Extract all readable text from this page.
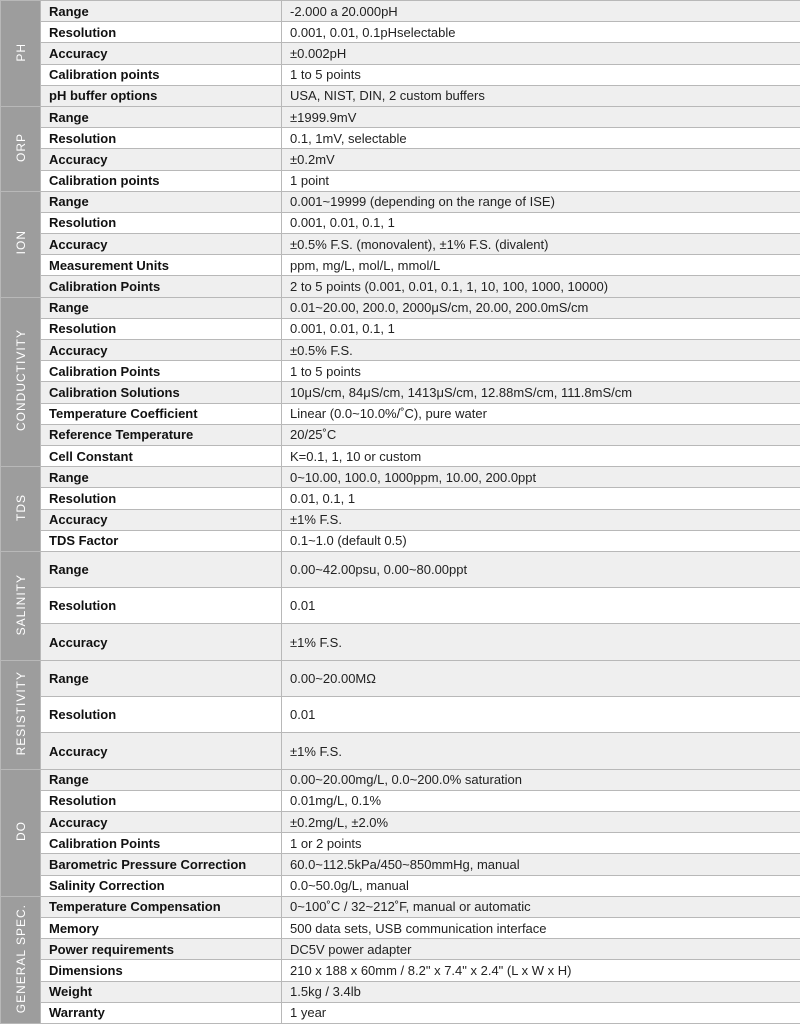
PH	Range	-2.000 a 20.000pH
	Resolution	0.001, 0.01, 0.1pHselectable
	Accuracy	±0.002pH
	Calibration points	1 to 5 points
	pH buffer options	USA, NIST, DIN, 2 custom buffers
ORP	Range	±1999.9mV
	Resolution	0.1, 1mV, selectable
	Accuracy	±0.2mV
	Calibration points	1 point
ION	Range	0.001~19999 (depending on the range of ISE)
	Resolution	0.001, 0.01, 0.1, 1
	Accuracy	±0.5% F.S. (monovalent), ±1% F.S. (divalent)
	Measurement Units	ppm, mg/L, mol/L, mmol/L
	Calibration Points	2 to 5 points (0.001, 0.01, 0.1, 1, 10, 100, 1000, 10000)
CONDUCTIVITY	Range	0.01~20.00, 200.0, 2000μS/cm, 20.00, 200.0mS/cm
	Resolution	0.001, 0.01, 0.1, 1
	Accuracy	±0.5% F.S.
	Calibration Points	1 to 5 points
	Calibration Solutions	10μS/cm, 84μS/cm, 1413μS/cm, 12.88mS/cm, 111.8mS/cm
	Temperature Coefficient	Linear (0.0~10.0%/˚C), pure water
	Reference Temperature	20/25˚C
	Cell Constant	K=0.1, 1, 10 or custom
TDS	Range	0~10.00, 100.0, 1000ppm, 10.00, 200.0ppt
	Resolution	0.01, 0.1, 1
	Accuracy	±1% F.S.
	TDS Factor	0.1~1.0 (default 0.5)
SALINITY	Range	0.00~42.00psu, 0.00~80.00ppt
	Resolution	0.01
	Accuracy	±1% F.S.
RESISTIVITY	Range	0.00~20.00MΩ
	Resolution	0.01
	Accuracy	±1% F.S.
DO	Range	0.00~20.00mg/L, 0.0~200.0% saturation
	Resolution	0.01mg/L, 0.1%
	Accuracy	±0.2mg/L, ±2.0%
	Calibration Points	1 or 2 points
	Barometric Pressure Correction	60.0~112.5kPa/450~850mmHg, manual
	Salinity Correction	0.0~50.0g/L, manual
GENERAL SPEC.	Temperature Compensation	0~100˚C / 32~212˚F, manual or automatic
	Memory	500 data sets, USB communication interface
	Power requirements	DC5V power adapter
	Dimensions	210 x 188 x 60mm / 8.2" x 7.4" x 2.4" (L x W x H)
	Weight	1.5kg / 3.4lb
	Warranty	1 year
